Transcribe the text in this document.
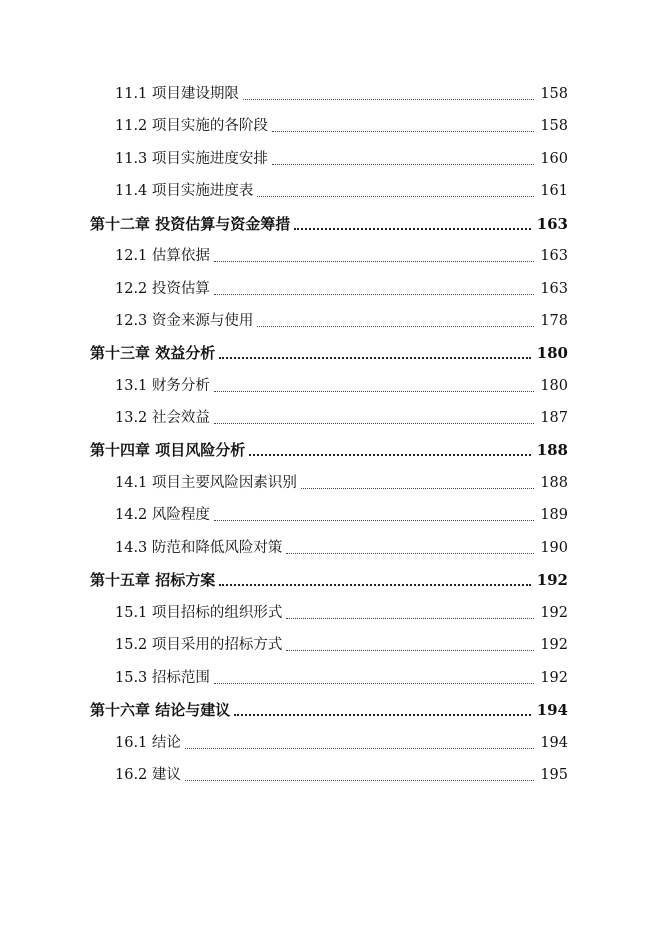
11.1 项目建设期限	158
11.2 项目实施的各阶段	158
11.3 项目实施进度安排	160
11.4 项目实施进度表	161
第十二章 投资估算与资金筹措	163
12.1 估算依据	163
12.2 投资估算	163
12.3 资金来源与使用	178
第十三章 效益分析	180
13.1 财务分析	180
13.2 社会效益	187
第十四章 项目风险分析	188
14.1 项目主要风险因素识别	188
14.2 风险程度	189
14.3 防范和降低风险对策	190
第十五章 招标方案	192
15.1 项目招标的组织形式	192
15.2 项目采用的招标方式	192
15.3 招标范围	192
第十六章 结论与建议	194
16.1 结论	194
16.2 建议	195
